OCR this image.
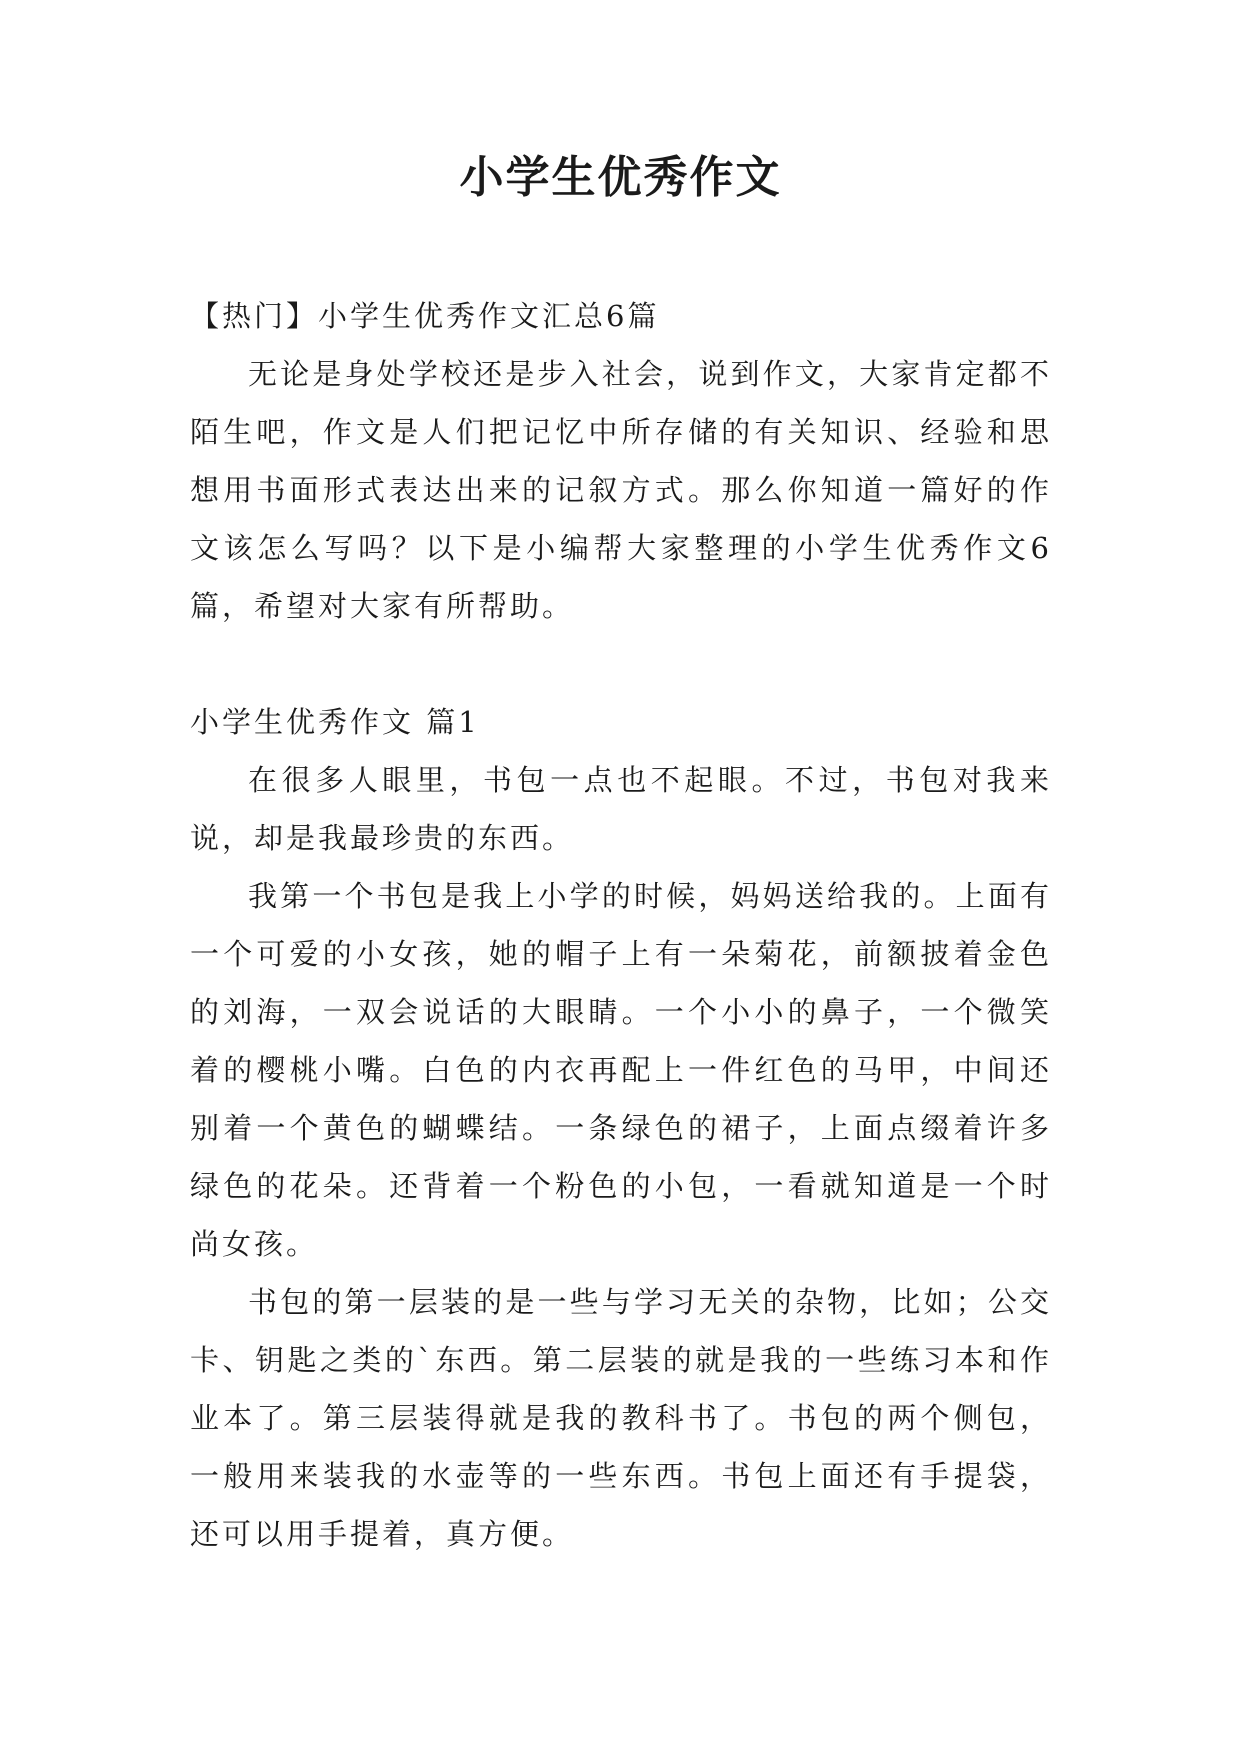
小学生优秀作文

【热门】小学生优秀作文汇总6篇

无论是身处学校还是步入社会，说到作文，大家肯定都不陌生吧，作文是人们把记忆中所存储的有关知识、经验和思想用书面形式表达出来的记叙方式。那么你知道一篇好的作文该怎么写吗？以下是小编帮大家整理的小学生优秀作文6篇，希望对大家有所帮助。

小学生优秀作文 篇1

在很多人眼里，书包一点也不起眼。不过，书包对我来说，却是我最珍贵的东西。

我第一个书包是我上小学的时候，妈妈送给我的。上面有一个可爱的小女孩，她的帽子上有一朵菊花，前额披着金色的刘海，一双会说话的大眼睛。一个小小的鼻子，一个微笑着的樱桃小嘴。白色的内衣再配上一件红色的马甲，中间还别着一个黄色的蝴蝶结。一条绿色的裙子，上面点缀着许多绿色的花朵。还背着一个粉色的小包，一看就知道是一个时尚女孩。

书包的第一层装的是一些与学习无关的杂物，比如；公交卡、钥匙之类的`东西。第二层装的就是我的一些练习本和作业本了。第三层装得就是我的教科书了。书包的两个侧包，一般用来装我的水壶等的一些东西。书包上面还有手提袋，还可以用手提着，真方便。
